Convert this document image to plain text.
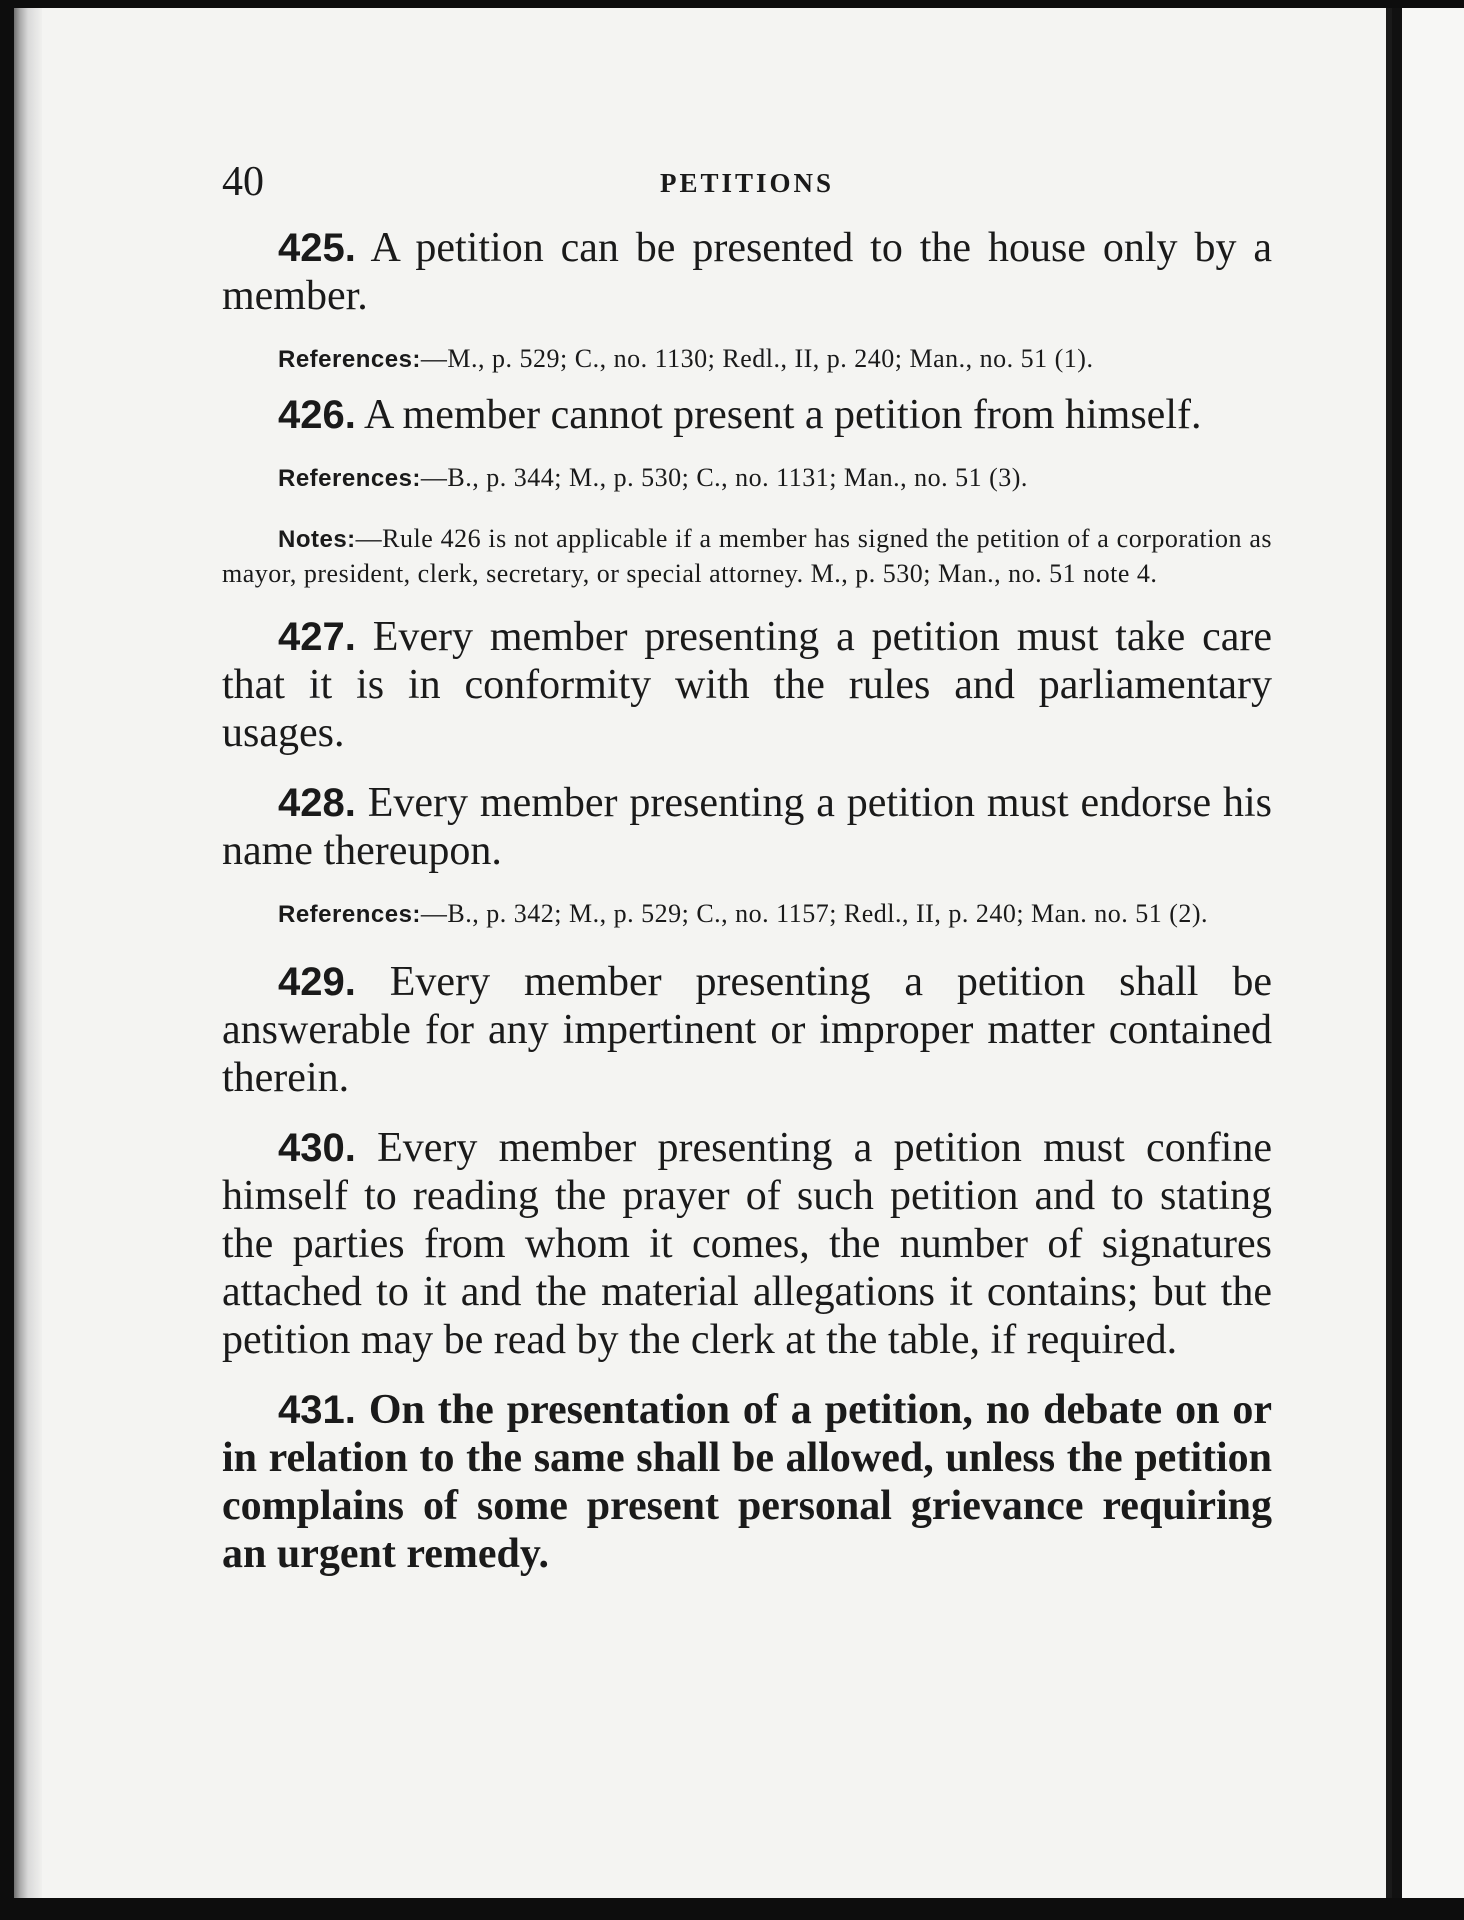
40	PETITIONS

425. A petition can be presented to the house only by a member.

References:—M., p. 529; C., no. 1130; Redl., II, p. 240; Man., no. 51 (1).

426. A member cannot present a petition from himself.

References:—B., p. 344; M., p. 530; C., no. 1131; Man., no. 51 (3).

Notes:—Rule 426 is not applicable if a member has signed the petition of a corporation as mayor, president, clerk, secretary, or special attorney. M., p. 530; Man., no. 51 note 4.

427. Every member presenting a petition must take care that it is in conformity with the rules and parliamentary usages.

428. Every member presenting a petition must endorse his name thereupon.

References:—B., p. 342; M., p. 529; C., no. 1157; Redl., II, p. 240; Man. no. 51 (2).

429. Every member presenting a petition shall be answerable for any impertinent or improper matter contained therein.

430. Every member presenting a petition must confine himself to reading the prayer of such petition and to stating the parties from whom it comes, the number of signatures attached to it and the material allegations it contains; but the petition may be read by the clerk at the table, if required.

431. On the presentation of a petition, no debate on or in relation to the same shall be allowed, unless the petition complains of some present personal grievance requiring an urgent remedy.
